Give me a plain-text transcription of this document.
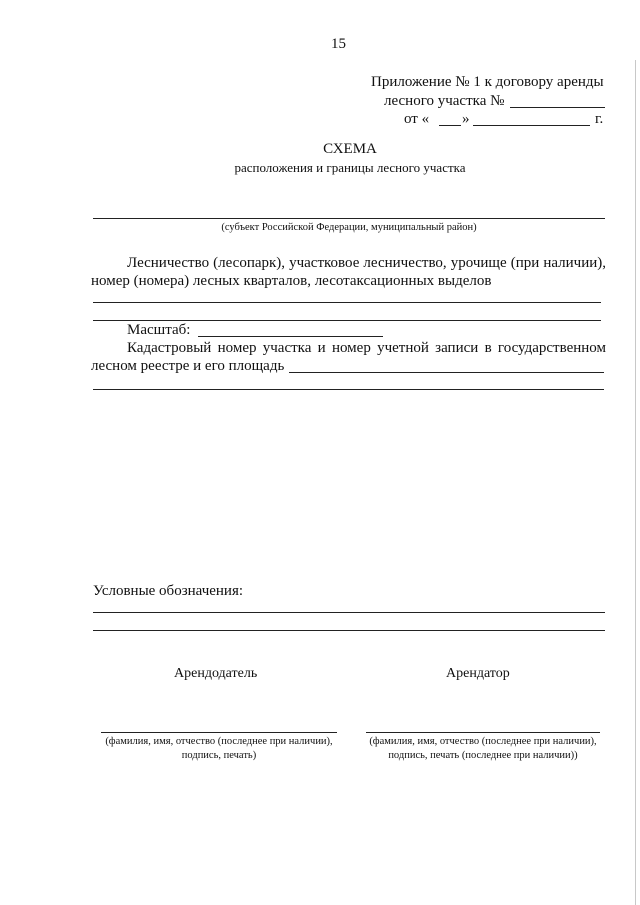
15
Приложение № 1 к договору аренды
лесного участка №
от « »	г.
СХЕМА
расположения и границы лесного участка
(субъект Российской Федерации, муниципальный район)
Лесничество (лесопарк), участковое лесничество, урочище (при наличии),
номер (номера) лесных кварталов, лесотаксационных выделов
Масштаб:
Кадастровый номер участка и номер учетной записи в государственном
лесном реестре и его площадь
Условные обозначения:
Арендодатель	Арендатор
(фамилия, имя, отчество (последнее при наличии),
подпись, печать)
(фамилия, имя, отчество (последнее при наличии),
подпись, печать (последнее при наличии))
